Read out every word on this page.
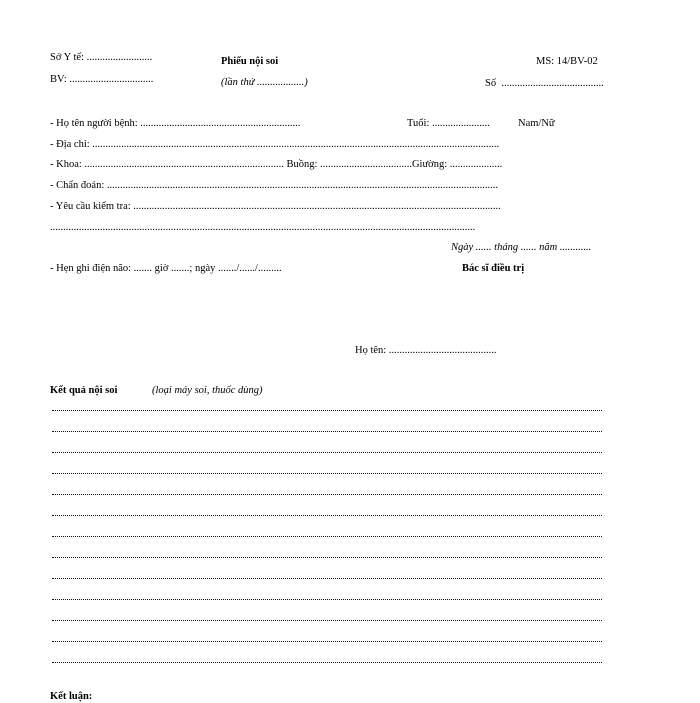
Sở Y tế: .........................
BV: ................................
Phiếu nội soi
(lần thứ ..................)
MS: 14/BV-02
Số  .......................................
- Họ tên người bệnh: .............................................................	Tuổi: ......................	Nam/Nữ
- Địa chỉ: ...........................................................................................................................................................
- Khoa: ............................................................................ Buồng: ...................................Giường: ....................
- Chẩn đoán: .....................................................................................................................................................
- Yêu cầu kiểm tra: ............................................................................................................................................
..................................................................................................................................................................
Ngày ...... tháng ...... năm ............
- Hẹn ghi điện não: ....... giờ .......; ngày ......./....../.........	Bác sĩ điều trị
Họ tên: .........................................
Kết quả nội soi	(loại máy soi, thuốc dùng)
Kết luận:
